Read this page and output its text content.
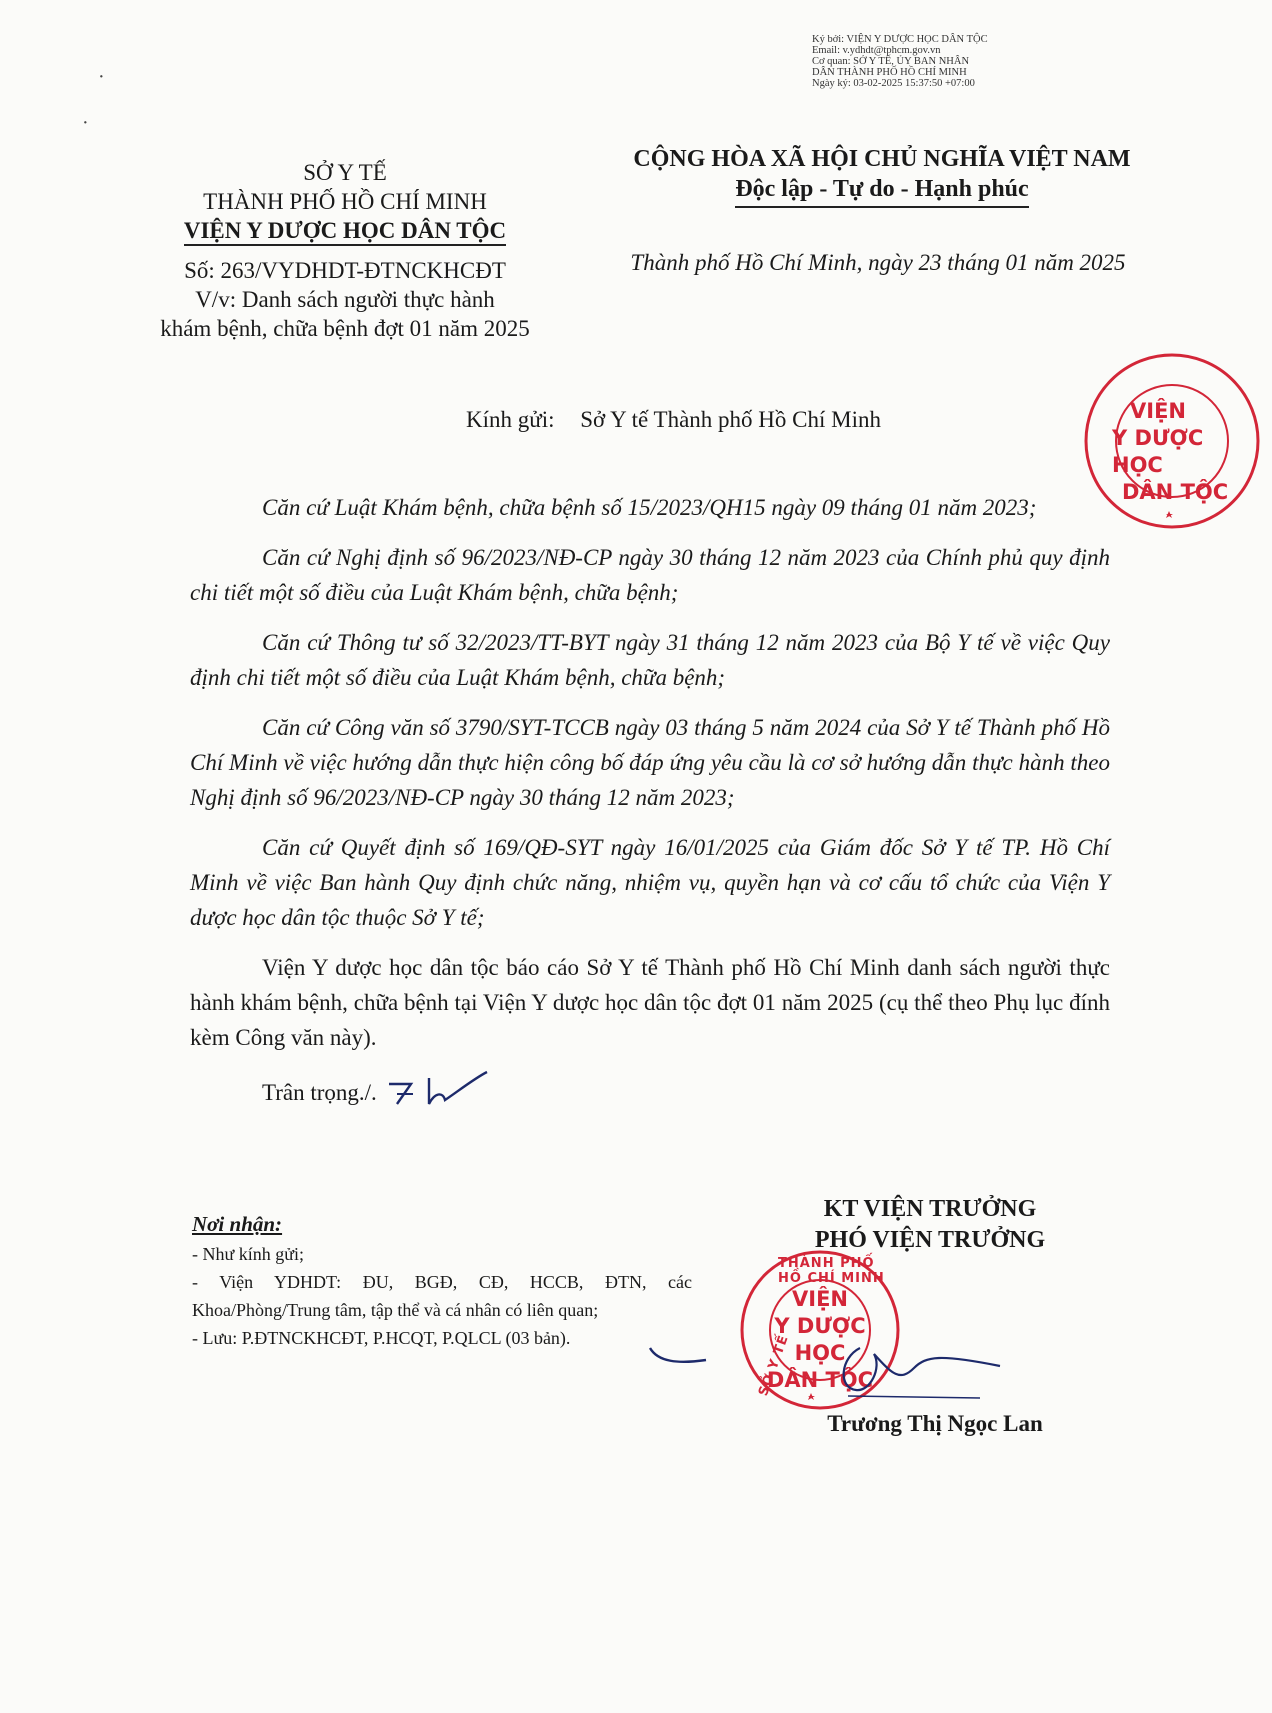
Ký bởi: VIỆN Y DƯỢC HỌC DÂN TỘC
Email: v.ydhdt@tphcm.gov.vn
Cơ quan: SỞ Y TẾ, ỦY BAN NHÂN
DÂN THÀNH PHỐ HỒ CHÍ MINH
Ngày ký: 03-02-2025 15:37:50 +07:00
·
·
SỞ Y TẾ
THÀNH PHỐ HỒ CHÍ MINH
VIỆN Y DƯỢC HỌC DÂN TỘC
Số: 263/VYDHDT-ĐTNCKHCĐT
V/v: Danh sách người thực hành
khám bệnh, chữa bệnh đợt 01 năm 2025
CỘNG HÒA XÃ HỘI CHỦ NGHĨA VIỆT NAM
Độc lập - Tự do - Hạnh phúc
Thành phố Hồ Chí Minh, ngày 23 tháng 01 năm 2025
Kính gửi: Sở Y tế Thành phố Hồ Chí Minh

Căn cứ Luật Khám bệnh, chữa bệnh số 15/2023/QH15 ngày 09 tháng 01 năm 2023;

Căn cứ Nghị định số 96/2023/NĐ-CP ngày 30 tháng 12 năm 2023 của Chính phủ quy định chi tiết một số điều của Luật Khám bệnh, chữa bệnh;

Căn cứ Thông tư số 32/2023/TT-BYT ngày 31 tháng 12 năm 2023 của Bộ Y tế về việc Quy định chi tiết một số điều của Luật Khám bệnh, chữa bệnh;

Căn cứ Công văn số 3790/SYT-TCCB ngày 03 tháng 5 năm 2024 của Sở Y tế Thành phố Hồ Chí Minh về việc hướng dẫn thực hiện công bố đáp ứng yêu cầu là cơ sở hướng dẫn thực hành theo Nghị định số 96/2023/NĐ-CP ngày 30 tháng 12 năm 2023;

Căn cứ Quyết định số 169/QĐ-SYT ngày 16/01/2025 của Giám đốc Sở Y tế TP. Hồ Chí Minh về việc Ban hành Quy định chức năng, nhiệm vụ, quyền hạn và cơ cấu tổ chức của Viện Y dược học dân tộc thuộc Sở Y tế;

Viện Y dược học dân tộc báo cáo Sở Y tế Thành phố Hồ Chí Minh danh sách người thực hành khám bệnh, chữa bệnh tại Viện Y dược học dân tộc đợt 01 năm 2025 (cụ thể theo Phụ lục đính kèm Công văn này).

Trân trọng./.

Nơi nhận:
- Như kính gửi;
- Viện YDHDT: ĐU, BGĐ, CĐ, HCCB, ĐTN, các Khoa/Phòng/Trung tâm, tập thể và cá nhân có liên quan;
- Lưu: P.ĐTNCKHCĐT, P.HCQT, P.QLCL (03 bản).
KT VIỆN TRƯỞNG
PHÓ VIỆN TRƯỞNG
THÀNH PHỐ HỒ CHÍ MINH
SỞ Y TẾ
VIỆN
Y DƯỢC HỌC
DÂN TỘC
Trương Thị Ngọc Lan
VIỆN
Y DƯỢC HỌC
DÂN TỘC
